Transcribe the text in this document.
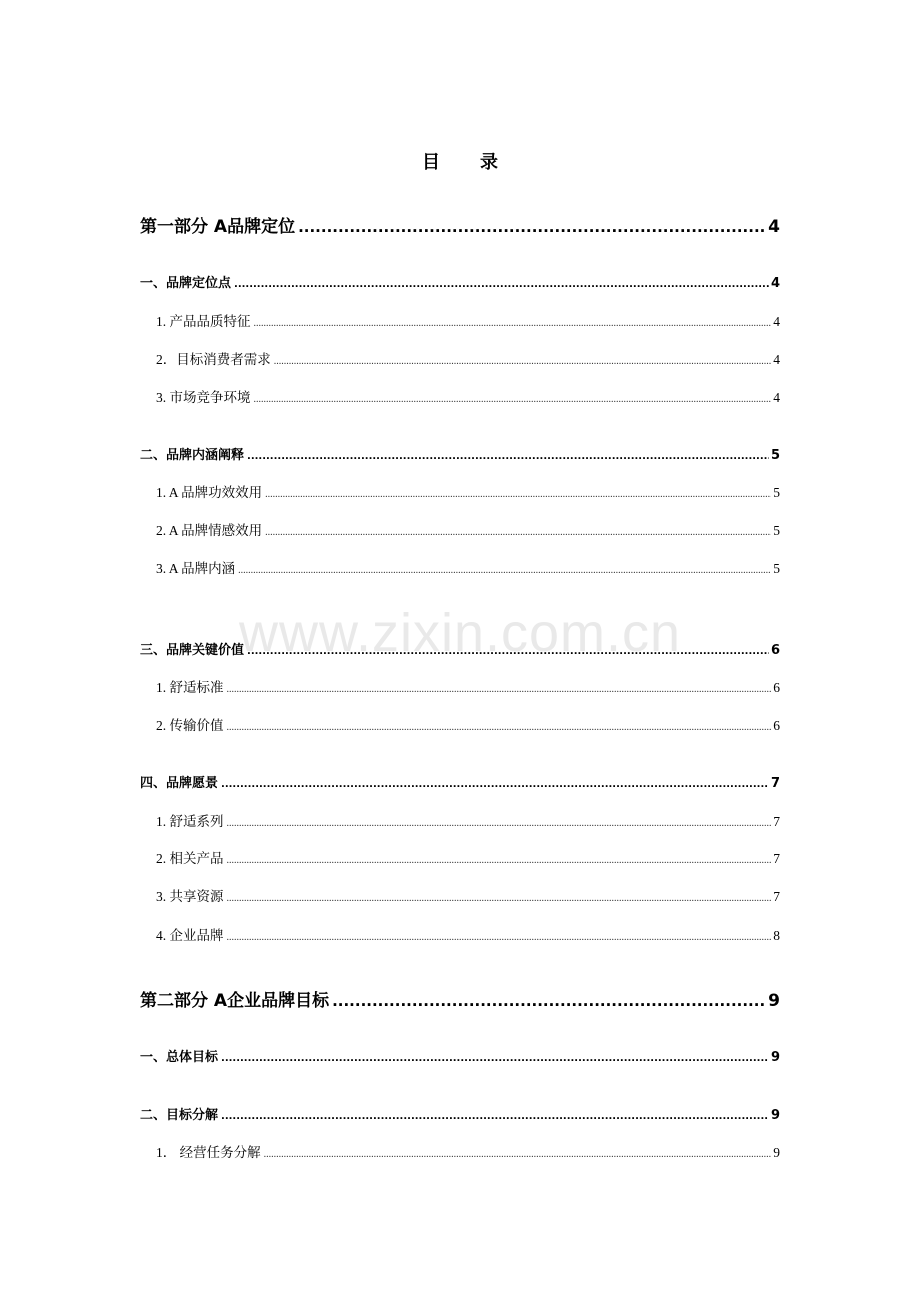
目 录
www.zixin.com.cn
第一部分 A品牌定位 .....	4
一、品牌定位点 .....	4
1. 产品品质特征 .....	4
2．目标消费者需求 .....	4
3. 市场竞争环境 .....	4
二、品牌内涵阐释 .....	5
1. A 品牌功效效用 .....	5
2. A 品牌情感效用 .....	5
3. A 品牌内涵 .....	5
三、品牌关键价值 .....	6
1. 舒适标准 .....	6
2. 传输价值 .....	6
四、品牌愿景 .....	7
1. 舒适系列 .....	7
2. 相关产品 .....	7
3. 共享资源 .....	7
4. 企业品牌 .....	8
第二部分 A企业品牌目标 .....	9
一、总体目标 .....	9
二、目标分解 .....	9
1． 经营任务分解 .....	9
